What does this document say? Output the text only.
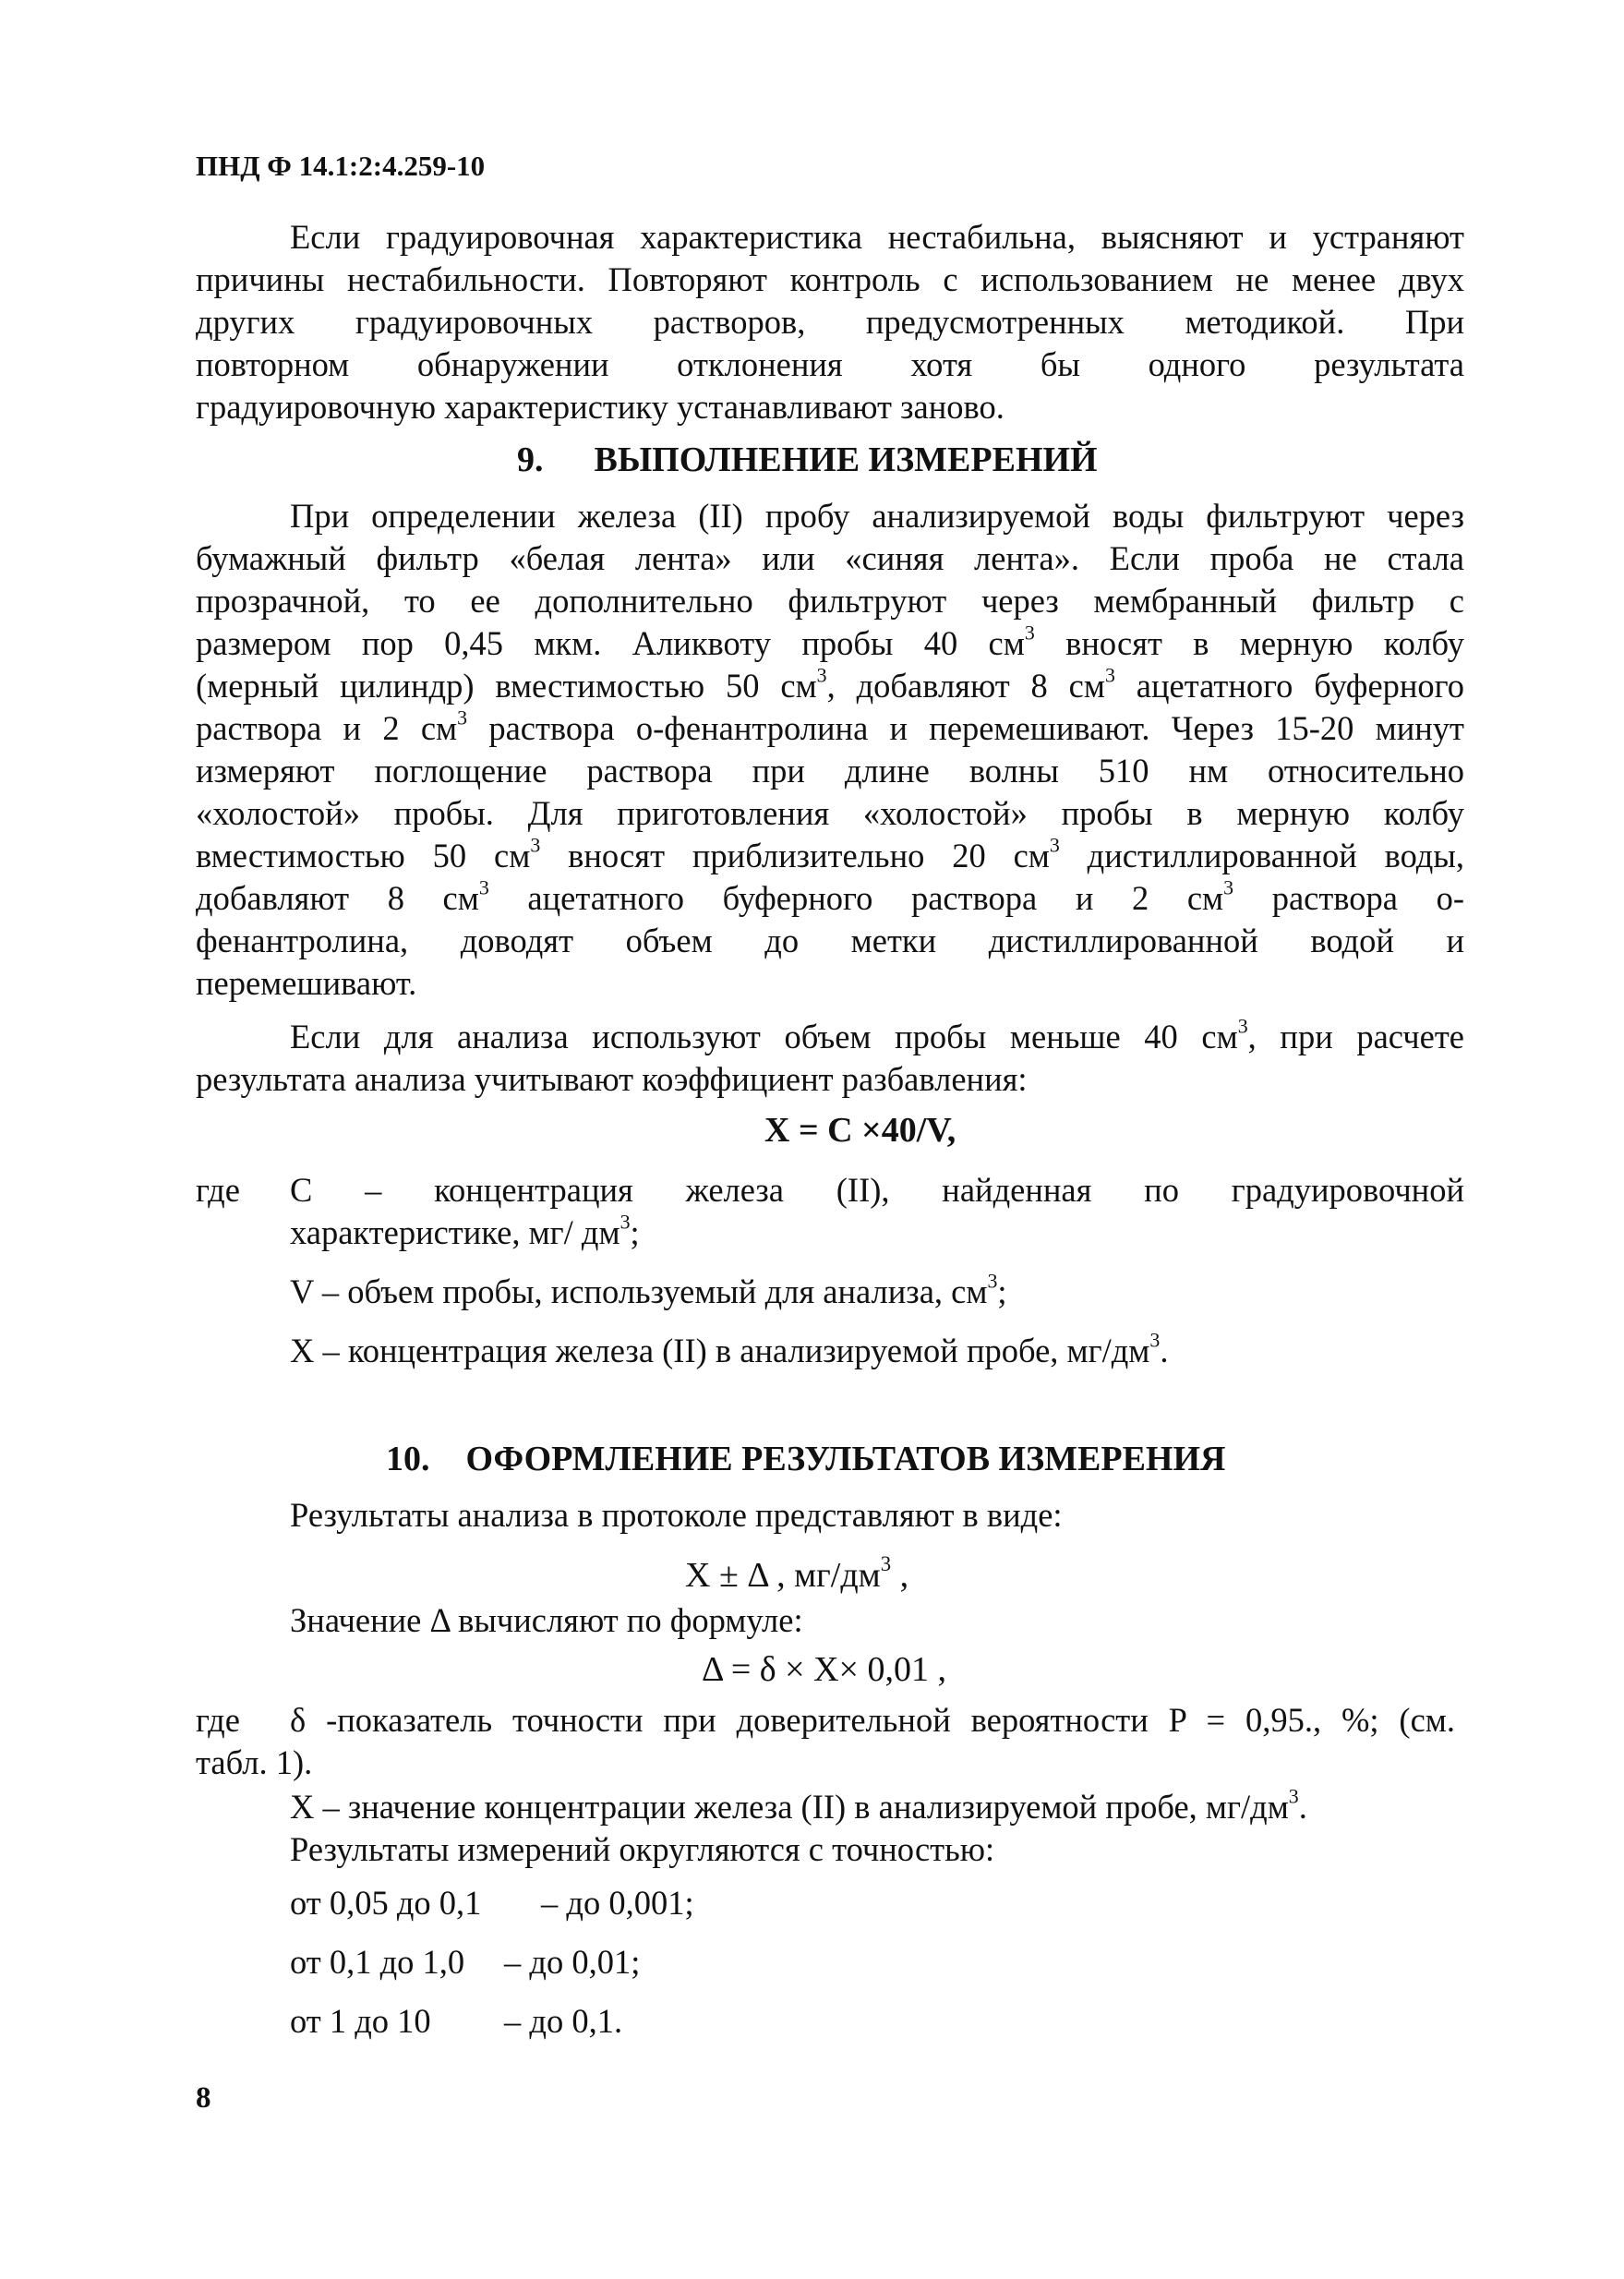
ПНД Ф 14.1:2:4.259-10
Если градуировочная характеристика нестабильна, выясняют и устраняют
причины нестабильности. Повторяют контроль с использованием не менее двух
других градуировочных растворов, предусмотренных методикой. При
повторном обнаружении отклонения хотя бы одного результата
градуировочную характеристику устанавливают заново.
9. ВЫПОЛНЕНИЕ ИЗМЕРЕНИЙ
При определении железа (II) пробу анализируемой воды фильтруют через
бумажный фильтр «белая лента» или «синяя лента». Если проба не стала
прозрачной, то ее дополнительно фильтруют через мембранный фильтр с
размером пор 0,45 мкм. Аликвоту пробы 40 $см^3$ вносят в мерную колбу
(мерный цилиндр) вместимостью 50 $см^3$, добавляют 8 $см^3$ ацетатного буферного
раствора и 2 $см^3$ раствора о-фенантролина и перемешивают. Через 15-20 минут
измеряют поглощение раствора при длине волны 510 нм относительно
«холостой» пробы. Для приготовления «холостой» пробы в мерную колбу
вместимостью 50 $см^3$ вносят приблизительно 20 $см^3$ дистиллированной воды,
добавляют 8 $см^3$ ацетатного буферного раствора и 2 $см^3$ раствора о-
фенантролина, доводят объем до метки дистиллированной водой и
перемешивают.
Если для анализа используют объем пробы меньше 40 $см^3$, при расчете
результата анализа учитывают коэффициент разбавления:
X = C ×40/V,
где C – концентрация железа (II), найденная по градуировочной
характеристике, мг/ $дм^3$;
V – объем пробы, используемый для анализа, $см^3$;
X – концентрация железа (II) в анализируемой пробе, $мг/дм^3$.
10. ОФОРМЛЕНИЕ РЕЗУЛЬТАТОВ ИЗМЕРЕНИЯ
Результаты анализа в протоколе представляют в виде:
X ± Δ , $мг/дм^3$ ,
Значение Δ вычисляют по формуле:
Δ = δ × X× 0,01 ,
где δ -показатель точности при доверительной вероятности P = 0,95., %; (см.
табл. 1).
X – значение концентрации железа (II) в анализируемой пробе, $мг/дм^3$.
Результаты измерений округляются с точностью:
от 0,05 до 0,1 – до 0,001;
от 0,1 до 1,0 – до 0,01;
от 1 до 10 – до 0,1.
8
